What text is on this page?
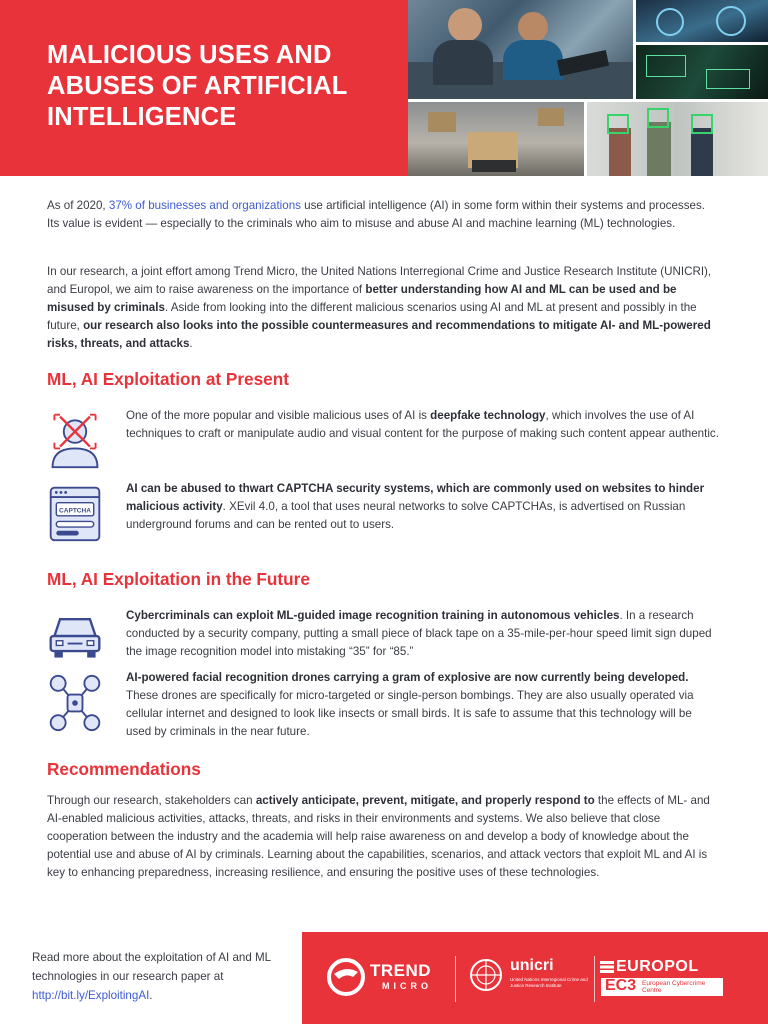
MALICIOUS USES AND ABUSES OF ARTIFICIAL INTELLIGENCE
As of 2020, 37% of businesses and organizations use artificial intelligence (AI) in some form within their systems and processes. Its value is evident — especially to the criminals who aim to misuse and abuse AI and machine learning (ML) technologies.
In our research, a joint effort among Trend Micro, the United Nations Interregional Crime and Justice Research Institute (UNICRI), and Europol, we aim to raise awareness on the importance of better understanding how AI and ML can be used and be misused by criminals. Aside from looking into the different malicious scenarios using AI and ML at present and possibly in the future, our research also looks into the possible countermeasures and recommendations to mitigate AI- and ML-powered risks, threats, and attacks.
ML, AI Exploitation at Present
One of the more popular and visible malicious uses of AI is deepfake technology, which involves the use of AI techniques to craft or manipulate audio and visual content for the purpose of making such content appear authentic.
CAPTCHA
AI can be abused to thwart CAPTCHA security systems, which are commonly used on websites to hinder malicious activity. XEvil 4.0, a tool that uses neural networks to solve CAPTCHAs, is advertised on Russian underground forums and can be rented out to users.
ML, AI Exploitation in the Future
Cybercriminals can exploit ML-guided image recognition training in autonomous vehicles. In a research conducted by a security company, putting a small piece of black tape on a 35-mile-per-hour speed limit sign duped the image recognition model into mistaking “35” for “85.”
AI-powered facial recognition drones carrying a gram of explosive are now currently being developed. These drones are specifically for micro-targeted or single-person bombings. They are also usually operated via cellular internet and designed to look like insects or small birds. It is safe to assume that this technology will be used by criminals in the near future.
Recommendations
Through our research, stakeholders can actively anticipate, prevent, mitigate, and properly respond to the effects of ML- and AI-enabled malicious activities, attacks, threats, and risks in their environments and systems. We also believe that close cooperation between the industry and the academia will help raise awareness on and develop a body of knowledge about the potential use and abuse of AI by criminals. Learning about the capabilities, scenarios, and attack vectors that exploit ML and AI is key to enhancing preparedness, increasing resilience, and ensuring the positive uses of these technologies.
Read more about the exploitation of AI and ML technologies in our research paper at http://bit.ly/ExploitingAI.
TREND
MICRO
unicri
United Nations Interregional Crime and Justice Research Institute
EUROPOL
EC3 European Cybercrime Centre
